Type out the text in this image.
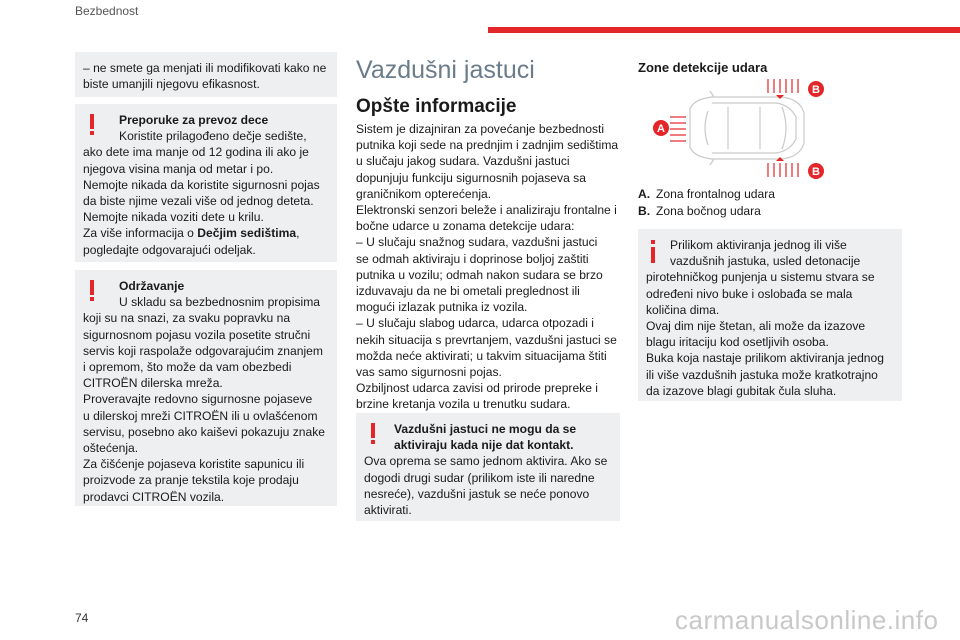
Bezbednost

– ne smete ga menjati ili modifikovati kako ne

biste umanjili njegovu efikasnost.

Preporuke za prevoz dece

Koristite prilagođeno dečje sedište,

ako dete ima manje od 12 godina ili ako je

njegova visina manja od metar i po.

Nemojte nikada da koristite sigurnosni pojas

da biste njime vezali više od jednog deteta.

Nemojte nikada voziti dete u krilu.

Za više informacija o Dečjim sedištima,

pogledajte odgovarajući odeljak.

Održavanje

U skladu sa bezbednosnim propisima

koji su na snazi, za svaku popravku na

sigurnosnom pojasu vozila posetite stručni

servis koji raspolaže odgovarajućim znanjem

i opremom, što može da vam obezbedi

CITROËN dilerska mreža.

Proveravajte redovno sigurnosne pojaseve

u dilerskoj mreži CITROËN ili u ovlašćenom

servisu, posebno ako kaiševi pokazuju znake

oštećenja.

Za čišćenje pojaseva koristite sapunicu ili

proizvode za pranje tekstila koje prodaju

prodavci CITROËN vozila.

Vazdušni jastuci
Opšte informacije
Sistem je dizajniran za povećanje bezbednosti
putnika koji sede na prednjim i zadnjim sedištima
u slučaju jakog sudara. Vazdušni jastuci
dopunjuju funkciju sigurnosnih pojaseva sa
graničnikom opterećenja.
Elektronski senzori beleže i analiziraju frontalne i
bočne udarce u zonama detekcije udara:
– U slučaju snažnog sudara, vazdušni jastuci
se odmah aktiviraju i doprinose boljoj zaštiti
putnika u vozilu; odmah nakon sudara se brzo
izduvavaju da ne bi ometali preglednost ili
mogući izlazak putnika iz vozila.
– U slučaju slabog udarca, udarca otpozadi i
nekih situacija s prevrtanjem, vazdušni jastuci se
možda neće aktivirati; u takvim situacijama štiti
vas samo sigurnosni pojas.
Ozbiljnost udarca zavisi od prirode prepreke i
brzine kretanja vozila u trenutku sudara.

Vazdušni jastuci ne mogu da se

aktiviraju kada nije dat kontakt.

Ova oprema se samo jednom aktivira. Ako se

dogodi drugi sudar (prilikom iste ili naredne

nesreće), vazdušni jastuk se neće ponovo

aktivirati.

Zone detekcije udara
A
B
B
A. Zona frontalnog udara
B. Zona bočnog udara

Prilikom aktiviranja jednog ili više

vazdušnih jastuka, usled detonacije

pirotehničkog punjenja u sistemu stvara se

određeni nivo buke i oslobađa se mala

količina dima.

Ovaj dim nije štetan, ali može da izazove

blagu iritaciju kod osetljivih osoba.

Buka koja nastaje prilikom aktiviranja jednog

ili više vazdušnih jastuka može kratkotrajno

da izazove blagi gubitak čula sluha.

74	carmanualsonline.info
